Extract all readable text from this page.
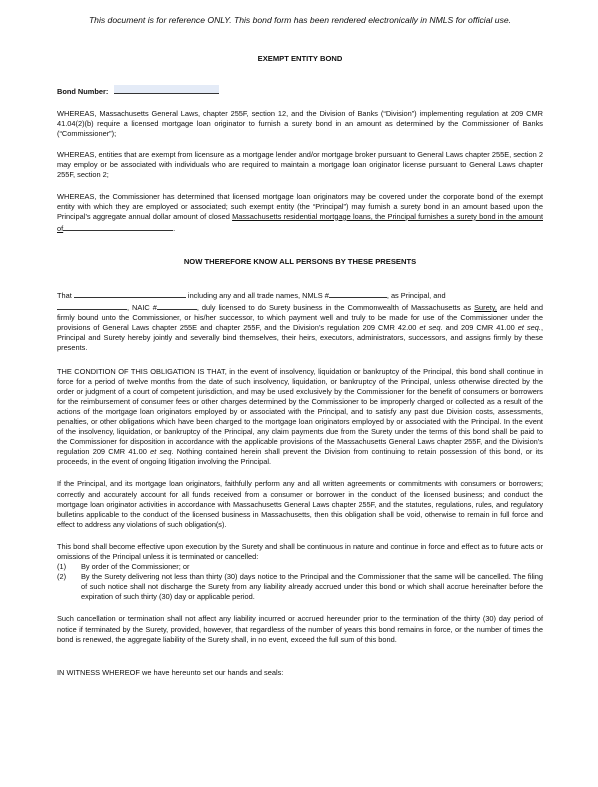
This document is for reference ONLY. This bond form has been rendered electronically in NMLS for official use.
EXEMPT ENTITY BOND
Bond Number:

WHEREAS, Massachusetts General Laws, chapter 255F, section 12, and the Division of Banks (“Division”) implementing regulation at 209 CMR 41.04(2)(b) require a licensed mortgage loan originator to furnish a surety bond in an amount as determined by the Commissioner of Banks (“Commissioner”);

WHEREAS, entities that are exempt from licensure as a mortgage lender and/or mortgage broker pursuant to General Laws chapter 255E, section 2 may employ or be associated with individuals who are required to maintain a mortgage loan originator license pursuant to General Laws chapter 255F, section 2;

WHEREAS, the Commissioner has determined that licensed mortgage loan originators may be covered under the corporate bond of the exempt entity with which they are employed or associated; such exempt entity (the “Principal”) may furnish a surety bond in an amount based upon the Principal’s aggregate annual dollar amount of closed Massachusetts residential mortgage loans, the Principal furnishes a surety bond in the amount of	.

NOW THEREFORE KNOW ALL PERSONS BY THESE PRESENTS

That	including any and all trade names, NMLS #	, as Principal, and
, NAIC #	, duly licensed to do Surety business in the Commonwealth of Massachusetts as Surety, are held and firmly bound unto the Commissioner, or his/her successor, to which payment well and truly to be made for use of the Commissioner under the provisions of General Laws chapter 255E and chapter 255F, and the Division’s regulation 209 CMR 42.00 et seq. and 209 CMR 41.00 et seq., Principal and Surety hereby jointly and severally bind themselves, their heirs, executors, administrators, successors, and assigns firmly by these presents.

THE CONDITION OF THIS OBLIGATION IS THAT, in the event of insolvency, liquidation or bankruptcy of the Principal, this bond shall continue in force for a period of twelve months from the date of such insolvency, liquidation, or bankruptcy of the Principal, unless otherwise directed by the order or judgment of a court of competent jurisdiction, and may be used exclusively by the Commissioner for the benefit of consumers or borrowers for the reimbursement of consumer fees or other charges determined by the Commissioner to be improperly charged or collected as a result of the actions of the mortgage loan originators employed by or associated with the Principal, and to satisfy any past due Division costs, assessments, penalties, or other obligations which have been charged to the mortgage loan originators employed by or associated with the Principal. In the event of the insolvency, liquidation, or bankruptcy of the Principal, any claim payments due from the Surety under the terms of this bond shall be paid to the Commissioner for disposition in accordance with the applicable provisions of the Massachusetts General Laws chapter 255F, and the Division’s regulation 209 CMR 41.00 et seq. Nothing contained herein shall prevent the Division from continuing to retain possession of this bond, or its proceeds, in the event of ongoing litigation involving the Principal.

If the Principal, and its mortgage loan originators, faithfully perform any and all written agreements or commitments with consumers or borrowers; correctly and accurately account for all funds received from a consumer or borrower in the conduct of the licensed business; and conduct the mortgage loan originator activities in accordance with Massachusetts General Laws chapter 255F, and the statutes, regulations, rules, and regulatory bulletins applicable to the conduct of the licensed business in Massachusetts, then this obligation shall be void, otherwise to remain in full force and effect to address any violations of such obligation(s).

This bond shall become effective upon execution by the Surety and shall be continuous in nature and continue in force and effect as to future acts or omissions of the Principal unless it is terminated or cancelled:

(1)	By order of the Commissioner; or
(2)	By the Surety delivering not less than thirty (30) days notice to the Principal and the Commissioner that the same will be cancelled. The filing of such notice shall not discharge the Surety from any liability already accrued under this bond or which shall accrue hereinafter before the expiration of such thirty (30) day or applicable period.

Such cancellation or termination shall not affect any liability incurred or accrued hereunder prior to the termination of the thirty (30) day period of notice if terminated by the Surety, provided, however, that regardless of the number of years this bond remains in force, or the number of times the bond is renewed, the aggregate liability of the Surety shall, in no event, exceed the full sum of this bond.

IN WITNESS WHEREOF we have hereunto set our hands and seals:
